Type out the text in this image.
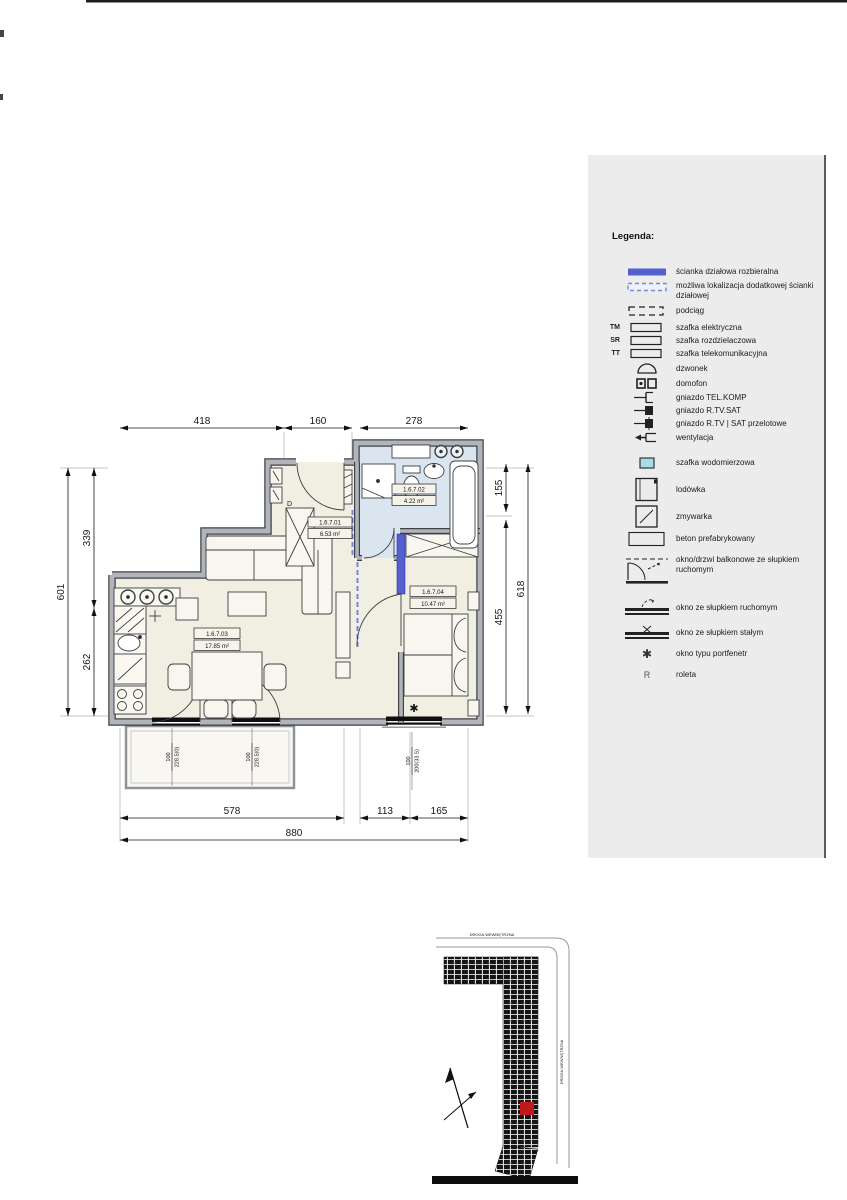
✱
D
1.6.7.02
4.22 m²
1.6.7.01
6.53 m²
1.6.7.03
17.85 m²
1.6.7.04
10.47 m²
418	160	278
601
339
262
155
455
618
578	113	165
880
100 228.5(0)	100 228.5(0)	100 200(33.5)
DROGA WEWNĘTRZNA
DROGA WEWNĘTRZNA
Legenda:
ścianka działowa rozbieralna
możliwa lokalizacja dodatkowej ścianki działowej
podciąg
TM	szafka elektryczna
SR	szafka rozdzielaczowa
TT	szafka telekomunikacyjna
dzwonek
domofon
gniazdo TEL.KOMP
gniazdo R.TV.SAT
gniazdo R.TV | SAT przelotowe
wentylacja
szafka wodomierzowa
lodówka
zmywarka
beton prefabrykowany
okno/drzwi balkonowe ze słupkiem ruchomym
okno ze słupkiem ruchomym
okno ze słupkiem stałym
✱	okno typu portfenetr
R	roleta
